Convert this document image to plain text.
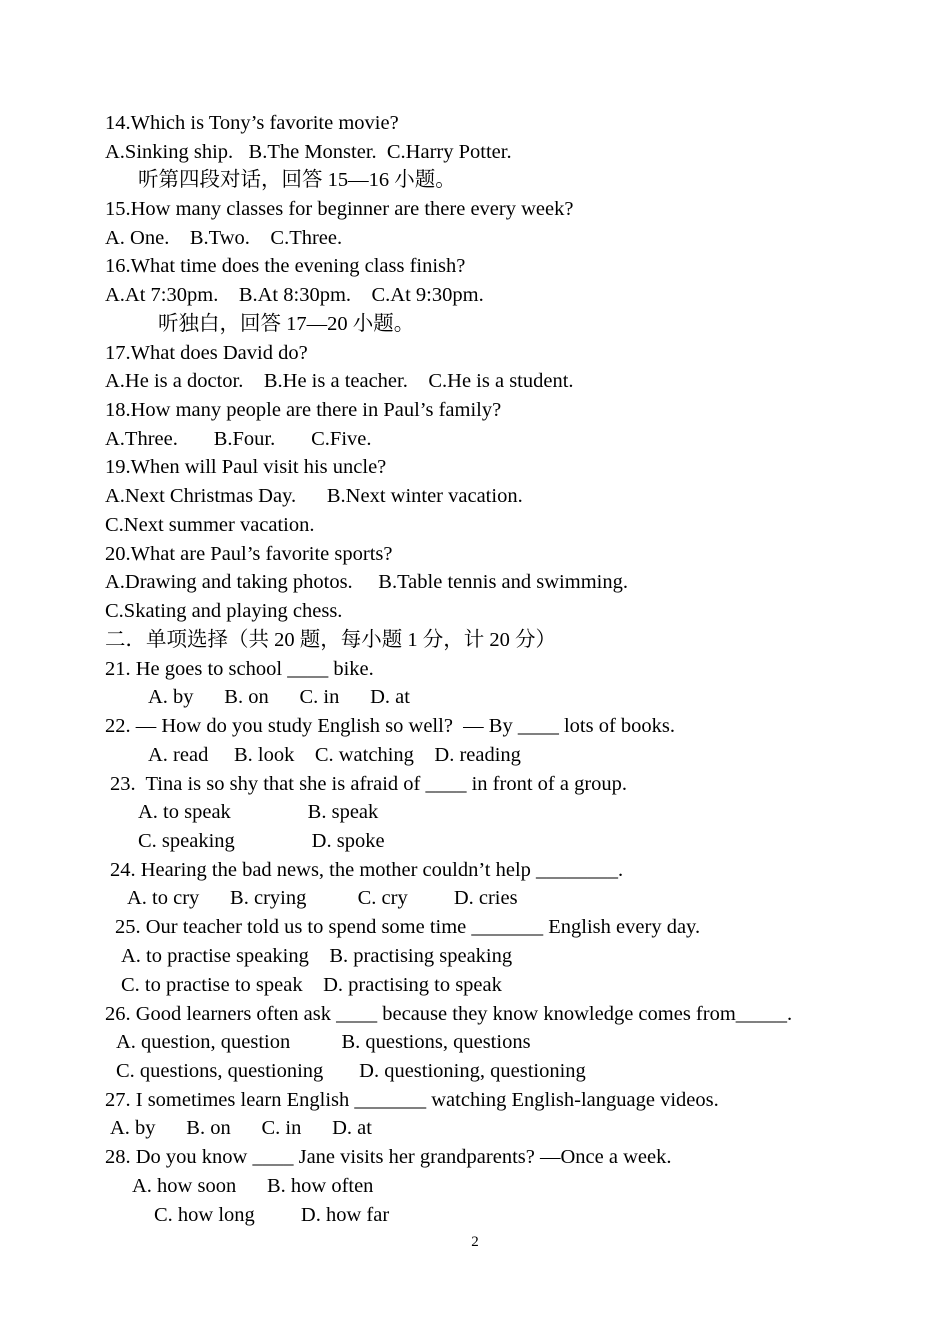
14.Which is Tony’s favorite movie?
A.Sinking ship.   B.The Monster.  C.Harry Potter.
听第四段对话，回答 15—16 小题。
15.How many classes for beginner are there every week?
A. One.    B.Two.    C.Three.
16.What time does the evening class finish?
A.At 7:30pm.    B.At 8:30pm.    C.At 9:30pm.
听独白，回答 17—20 小题。
17.What does David do?
A.He is a doctor.    B.He is a teacher.    C.He is a student.
18.How many people are there in Paul’s family?
A.Three.       B.Four.       C.Five.
19.When will Paul visit his uncle?
A.Next Christmas Day.      B.Next winter vacation.
C.Next summer vacation.
20.What are Paul’s favorite sports?
A.Drawing and taking photos.     B.Table tennis and swimming.
C.Skating and playing chess.
二．单项选择（共 20 题，每小题 1 分，计 20 分）
21. He goes to school ____ bike.
A. by      B. on      C. in      D. at
22. — How do you study English so well?  — By ____ lots of books.
A. read     B. look    C. watching    D. reading
23.  Tina is so shy that she is afraid of ____ in front of a group.
A. to speak               B. speak
C. speaking               D. spoke
24. Hearing the bad news, the mother couldn’t help ________.
A. to cry      B. crying          C. cry         D. cries
25. Our teacher told us to spend some time _______ English every day.
A. to practise speaking    B. practising speaking
C. to practise to speak    D. practising to speak
26. Good learners often ask ____ because they know knowledge comes from_____.
A. question, question          B. questions, questions
C. questions, questioning       D. questioning, questioning
27. I sometimes learn English _______ watching English-language videos.
A. by      B. on      C. in      D. at
28. Do you know ____ Jane visits her grandparents? —Once a week.
A. how soon      B. how often
C. how long         D. how far
2
